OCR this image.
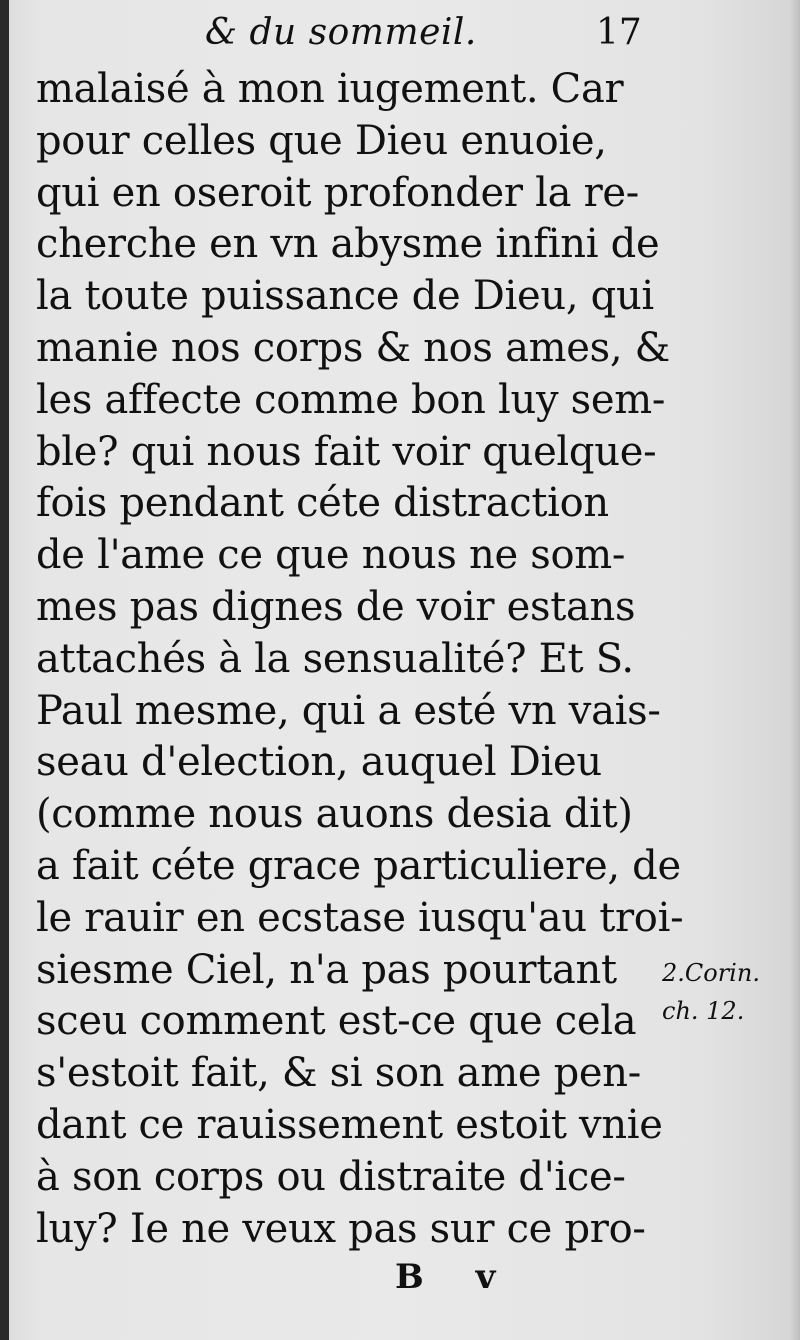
& du sommeil.	17
malaisé à mon iugement. Car
pour celles que Dieu enuoie,
qui en oseroit profonder la re-
cherche en vn abysme infini de
la toute puissance de Dieu, qui
manie nos corps & nos ames, &
les affecte comme bon luy sem-
ble? qui nous fait voir quelque-
fois pendant céte distraction
de l'ame ce que nous ne som-
mes pas dignes de voir estans
attachés à la sensualité? Et S.
Paul mesme, qui a esté vn vais-
seau d'election, auquel Dieu
(comme nous auons desia dit)
a fait céte grace particuliere, de
le rauir en ecstase iusqu'au troi-
siesme Ciel, n'a pas pourtant
sceu comment est-ce que cela
s'estoit fait, & si son ame pen-
dant ce rauissement estoit vnie
à son corps ou distraite d'ice-
luy? Ie ne veux pas sur ce pro-
2.Corin.
ch. 12.
B v
